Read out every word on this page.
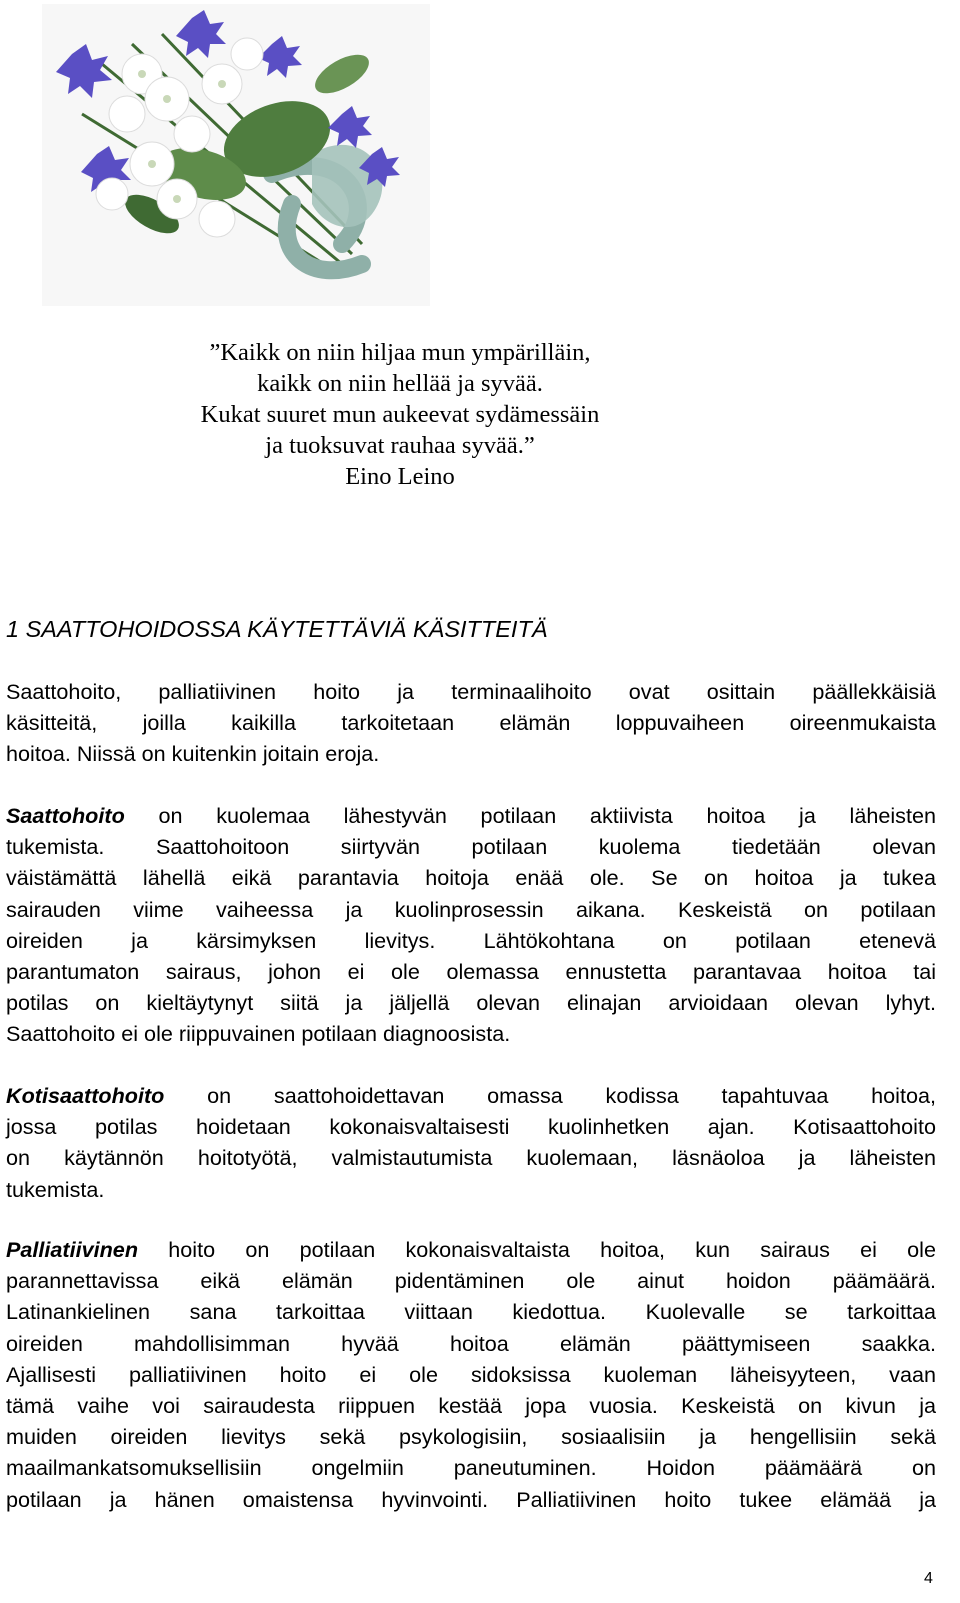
”Kaikk on niin hiljaa mun ympärilläin,
kaikk on niin hellää ja syvää.
Kukat suuret mun aukeevat sydämessäin
ja tuoksuvat rauhaa syvää.”
Eino Leino
1 SAATTOHOIDOSSA KÄYTETTÄVIÄ KÄSITTEITÄ
Saattohoito, palliatiivinen hoito ja terminaalihoito ovat osittain päällekkäisiä
käsitteitä, joilla kaikilla tarkoitetaan elämän loppuvaiheen oireenmukaista
hoitoa. Niissä on kuitenkin joitain eroja.
Saattohoito on kuolemaa lähestyvän potilaan aktiivista hoitoa ja läheisten
tukemista. Saattohoitoon siirtyvän potilaan kuolema tiedetään olevan
väistämättä lähellä eikä parantavia hoitoja enää ole. Se on hoitoa ja tukea
sairauden viime vaiheessa ja kuolinprosessin aikana. Keskeistä on potilaan
oireiden ja kärsimyksen lievitys. Lähtökohtana on potilaan etenevä
parantumaton sairaus, johon ei ole olemassa ennustetta parantavaa hoitoa tai
potilas on kieltäytynyt siitä ja jäljellä olevan elinajan arvioidaan olevan lyhyt.
Saattohoito ei ole riippuvainen potilaan diagnoosista.
Kotisaattohoito on saattohoidettavan omassa kodissa tapahtuvaa hoitoa,
jossa potilas hoidetaan kokonaisvaltaisesti kuolinhetken ajan. Kotisaattohoito
on käytännön hoitotyötä, valmistautumista kuolemaan, läsnäoloa ja läheisten
tukemista.
Palliatiivinen hoito on potilaan kokonaisvaltaista hoitoa, kun sairaus ei ole
parannettavissa eikä elämän pidentäminen ole ainut hoidon päämäärä.
Latinankielinen sana tarkoittaa viittaan kiedottua. Kuolevalle se tarkoittaa
oireiden mahdollisimman hyvää hoitoa elämän päättymiseen saakka.
Ajallisesti palliatiivinen hoito ei ole sidoksissa kuoleman läheisyyteen, vaan
tämä vaihe voi sairaudesta riippuen kestää jopa vuosia. Keskeistä on kivun ja
muiden oireiden lievitys sekä psykologisiin, sosiaalisiin ja hengellisiin sekä
maailmankatsomuksellisiin ongelmiin paneutuminen. Hoidon päämäärä on
potilaan ja hänen omaistensa hyvinvointi. Palliatiivinen hoito tukee elämää ja
4
